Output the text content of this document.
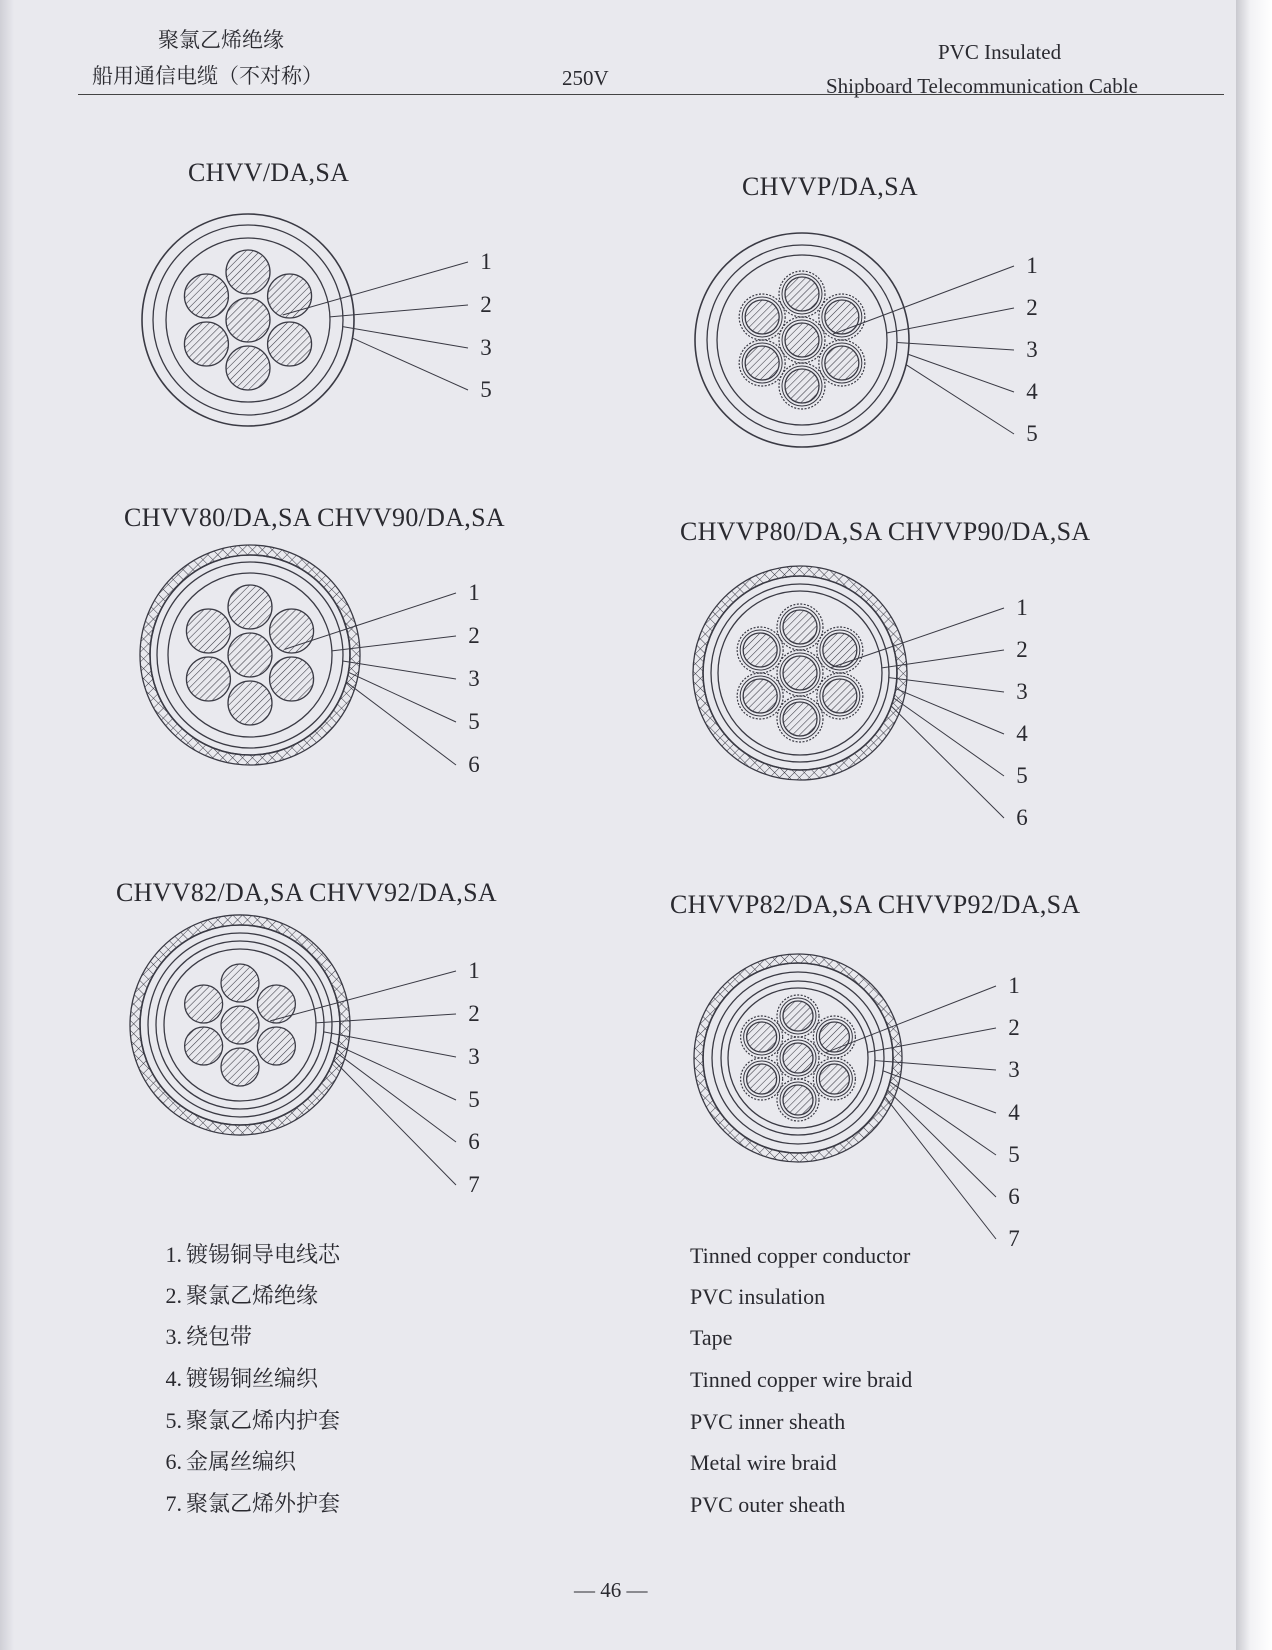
聚氯乙烯绝缘
船用通信电缆（不对称）	250V
PVC Insulated
Shipboard Telecommunication Cable
CHVV/DA,SA
1
2
3
5
CHVVP/DA,SA
1
2
3
4
5
CHVV80/DA,SA CHVV90/DA,SA
1
2
3
5
6
CHVVP80/DA,SA CHVVP90/DA,SA
1
2
3
4
5
6
CHVV82/DA,SA CHVV92/DA,SA
1
2
3
5
6
7
CHVVP82/DA,SA CHVVP92/DA,SA
1
2
3
4
5
6
7
1. 镀锡铜导电线芯
2. 聚氯乙烯绝缘
3. 绕包带
4. 镀锡铜丝编织
5. 聚氯乙烯内护套
6. 金属丝编织
7. 聚氯乙烯外护套
Tinned copper conductor
PVC insulation
Tape
Tinned copper wire braid
PVC inner sheath
Metal wire braid
PVC outer sheath
— 46 —
